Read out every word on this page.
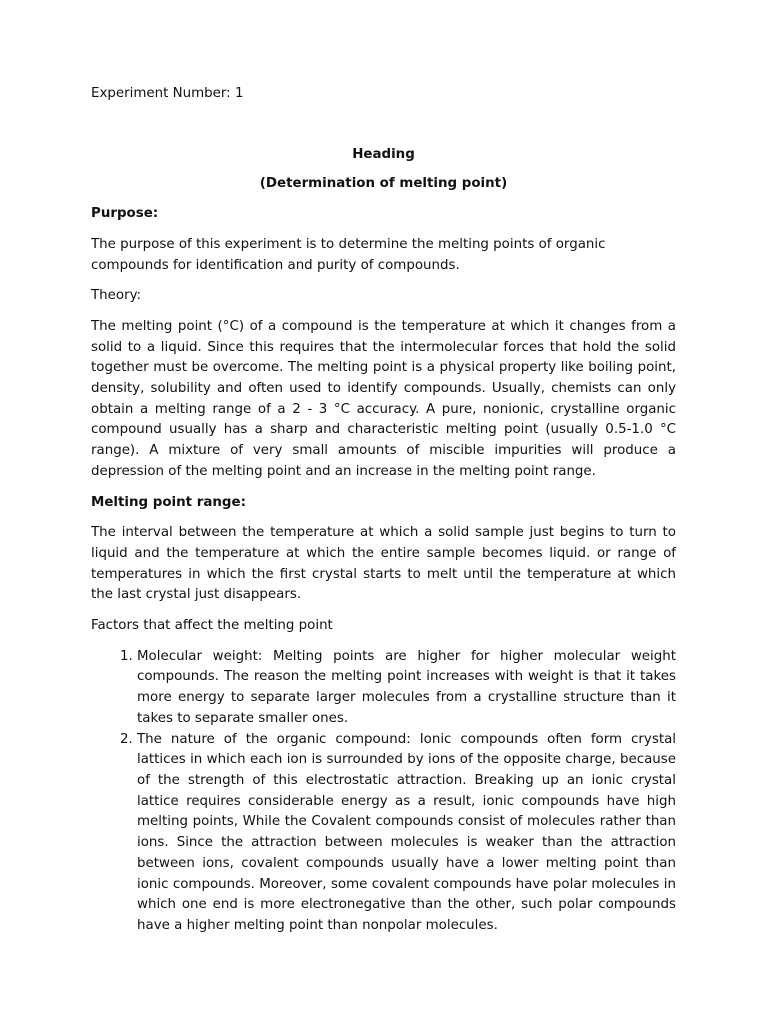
Experiment Number: 1

Heading

(Determination of melting point)

Purpose:

The purpose of this experiment is to determine the melting points of organic compounds for identification and purity of compounds.

Theory:

The melting point (°C) of a compound is the temperature at which it changes from a solid to a liquid. Since this requires that the intermolecular forces that hold the solid together must be overcome. The melting point is a physical property like boiling point, density, solubility and often used to identify compounds. Usually, chemists can only obtain a melting range of a 2 - 3 °C accuracy. A pure, nonionic, crystalline organic compound usually has a sharp and characteristic melting point (usually 0.5-1.0 °C range). A mixture of very small amounts of miscible impurities will produce a depression of the melting point and an increase in the melting point range.

Melting point range:

The interval between the temperature at which a solid sample just begins to turn to liquid and the temperature at which the entire sample becomes liquid. or range of temperatures in which the first crystal starts to melt until the temperature at which the last crystal just disappears.

Factors that affect the melting point

1. Molecular weight: Melting points are higher for higher molecular weight compounds. The reason the melting point increases with weight is that it takes more energy to separate larger molecules from a crystalline structure than it takes to separate smaller ones.
2. The nature of the organic compound: Ionic compounds often form crystal lattices in which each ion is surrounded by ions of the opposite charge, because of the strength of this electrostatic attraction. Breaking up an ionic crystal lattice requires considerable energy as a result, ionic compounds have high melting points, While the Covalent compounds consist of molecules rather than ions. Since the attraction between molecules is weaker than the attraction between ions, covalent compounds usually have a lower melting point than ionic compounds. Moreover, some covalent compounds have polar molecules in which one end is more electronegative than the other, such polar compounds have a higher melting point than nonpolar molecules.
